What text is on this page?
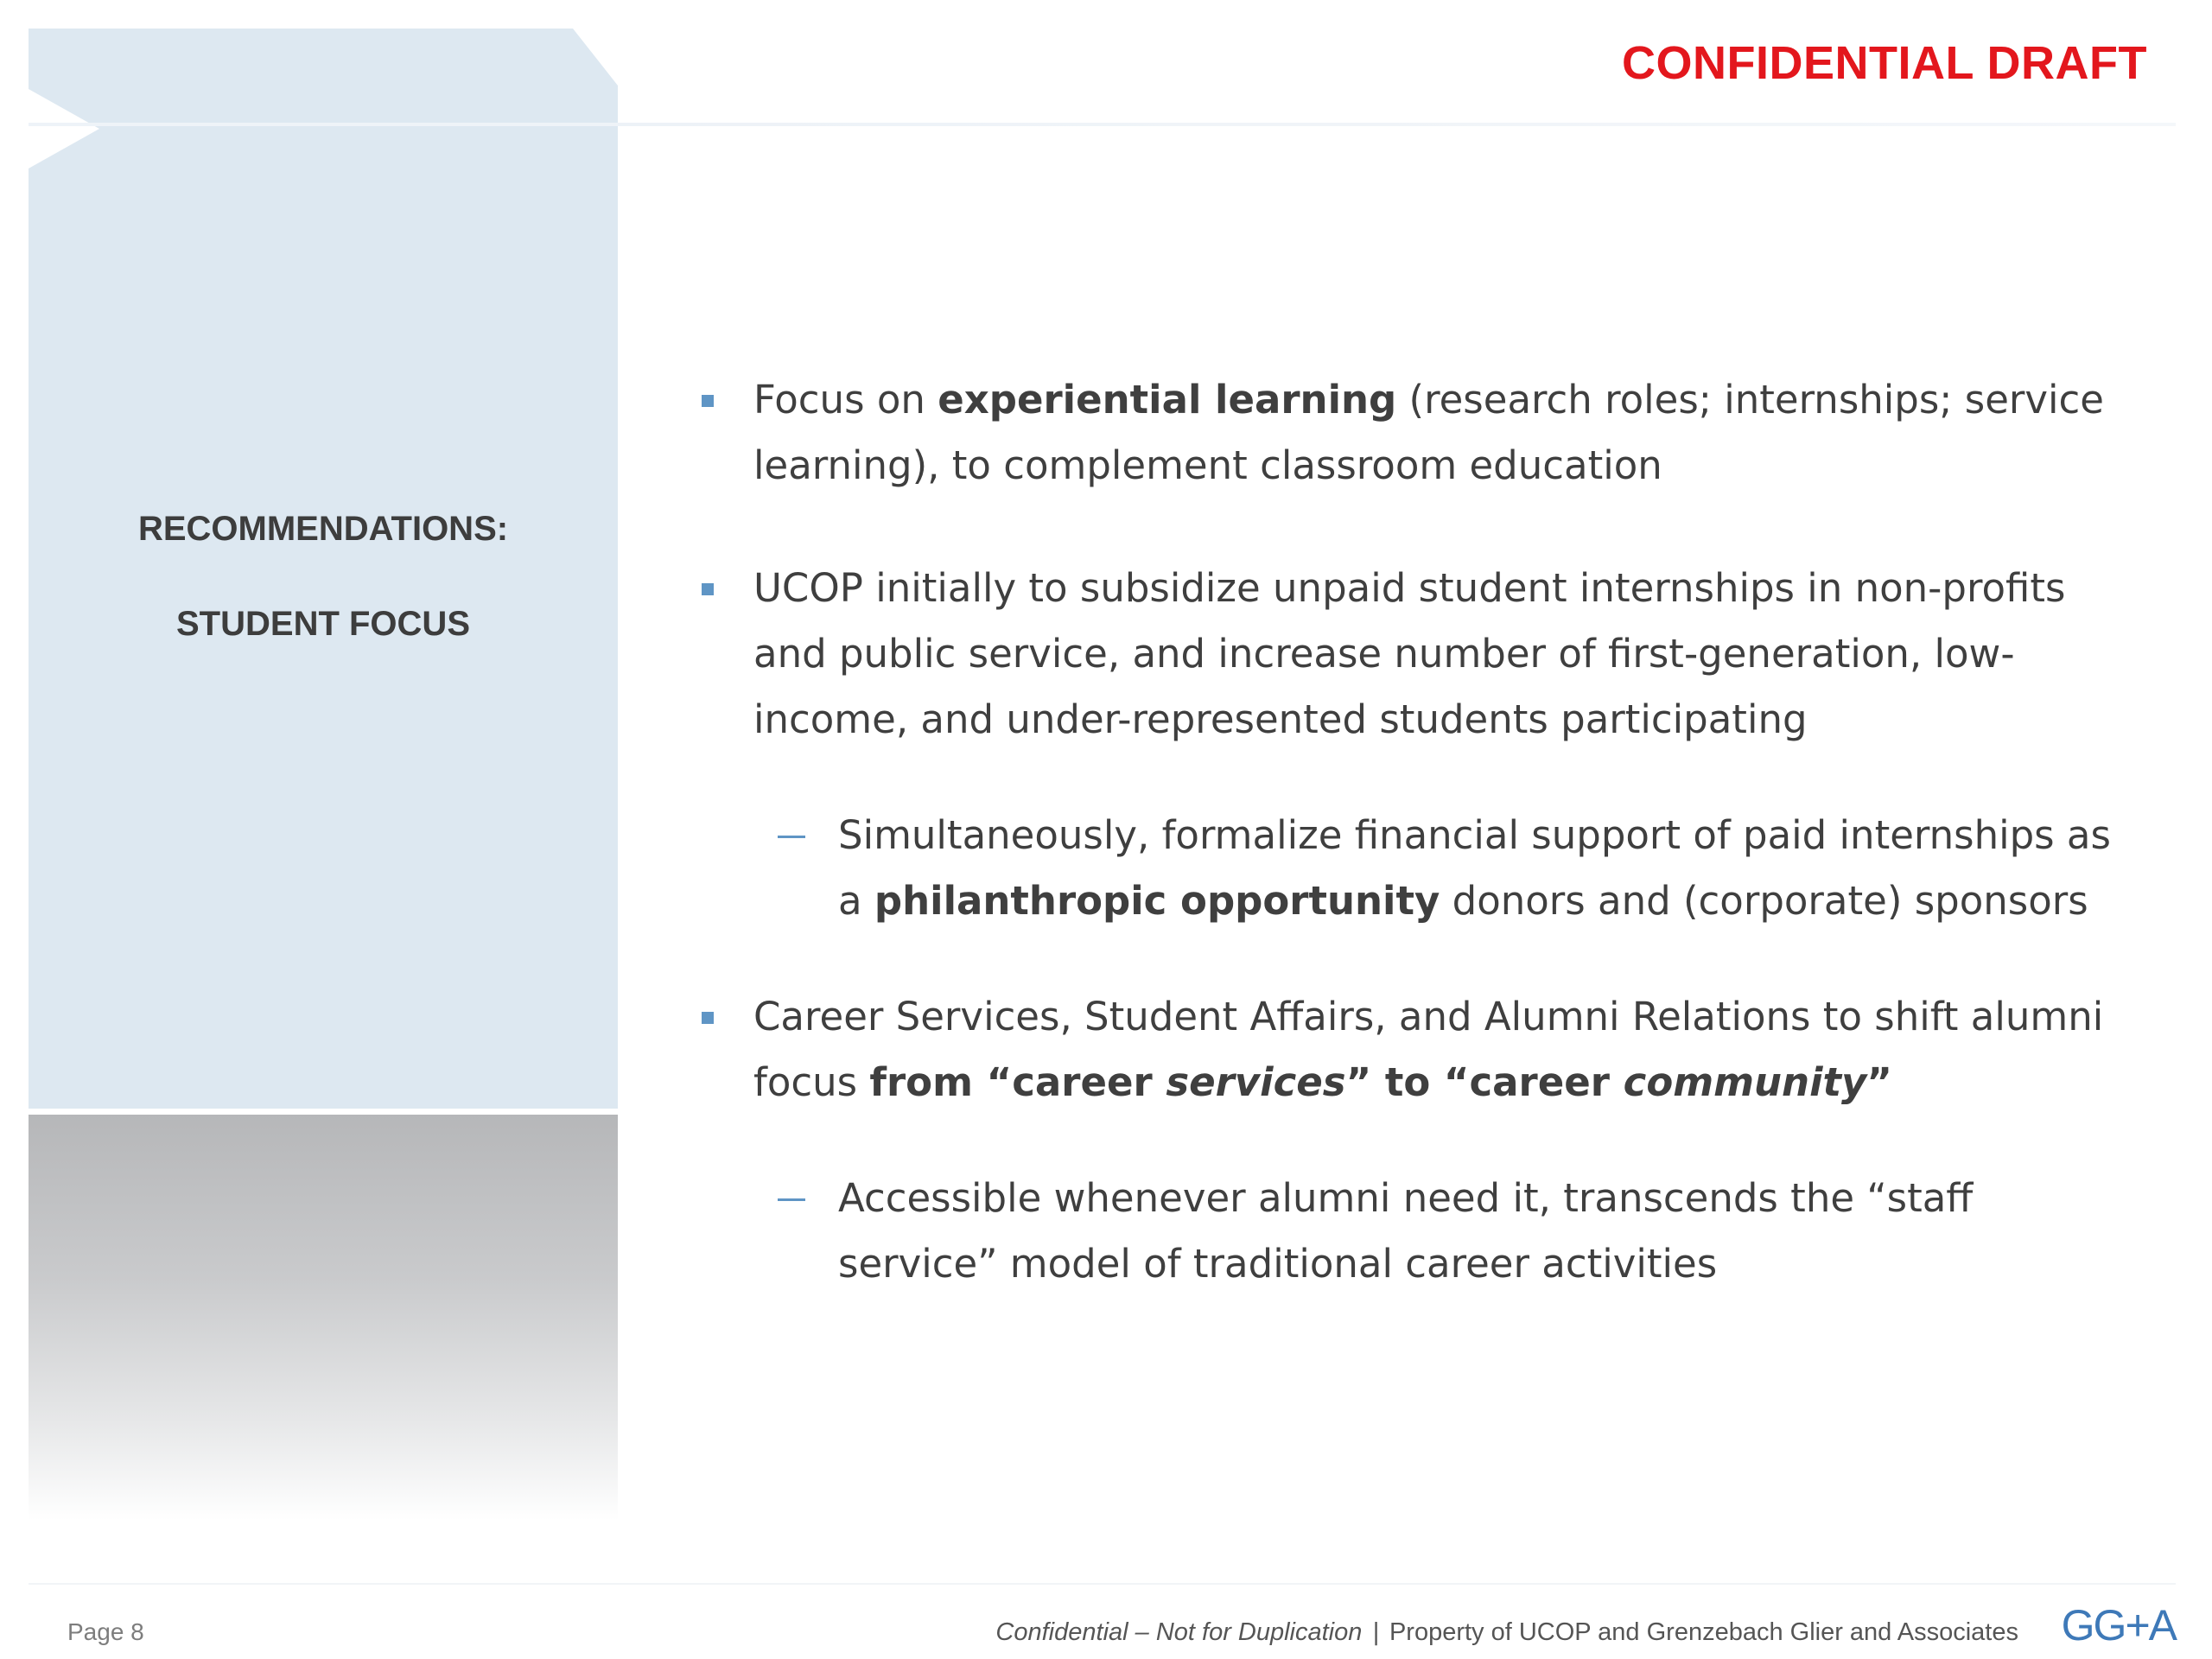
CONFIDENTIAL DRAFT
RECOMMENDATIONS:
STUDENT FOCUS
Focus on experiential learning (research roles; internships; service learning), to complement classroom education
UCOP initially to subsidize unpaid student internships in non-profits and public service, and increase number of first-generation, low-income, and under-represented students participating
Simultaneously, formalize financial support of paid internships as a philanthropic opportunity donors and (corporate) sponsors
Career Services, Student Affairs, and Alumni Relations to shift alumni focus from “career services” to “career community”
Accessible whenever alumni need it, transcends the “staff service” model of traditional career activities
Page 8	Confidential – Not for Duplication | Property of UCOP and Grenzebach Glier and Associates GG+A
